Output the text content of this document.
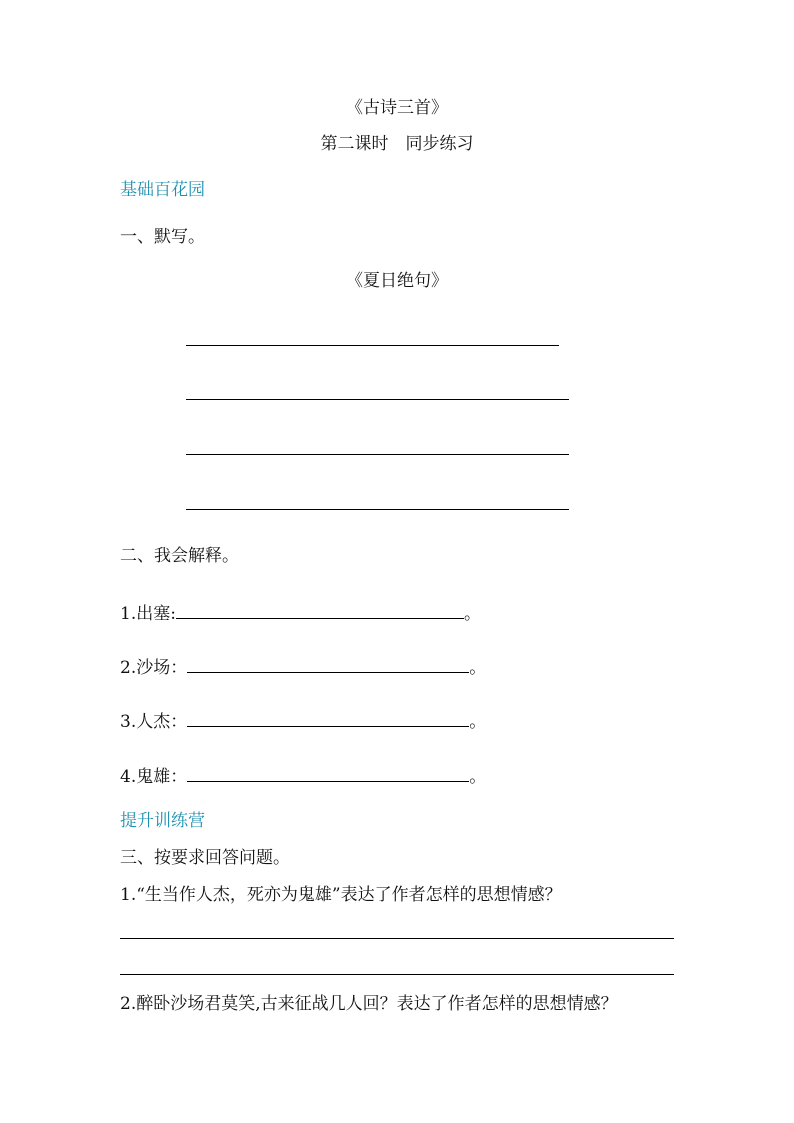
《古诗三首》
第二课时　同步练习
基础百花园
一、默写。
《夏日绝句》
二、我会解释。
1.出塞:	。
2.沙场：	。
3.人杰：	。
4.鬼雄：	。
提升训练营
三、按要求回答问题。
1.“生当作人杰，死亦为鬼雄”表达了作者怎样的思想情感？
2.醉卧沙场君莫笑,古来征战几人回？表达了作者怎样的思想情感？
